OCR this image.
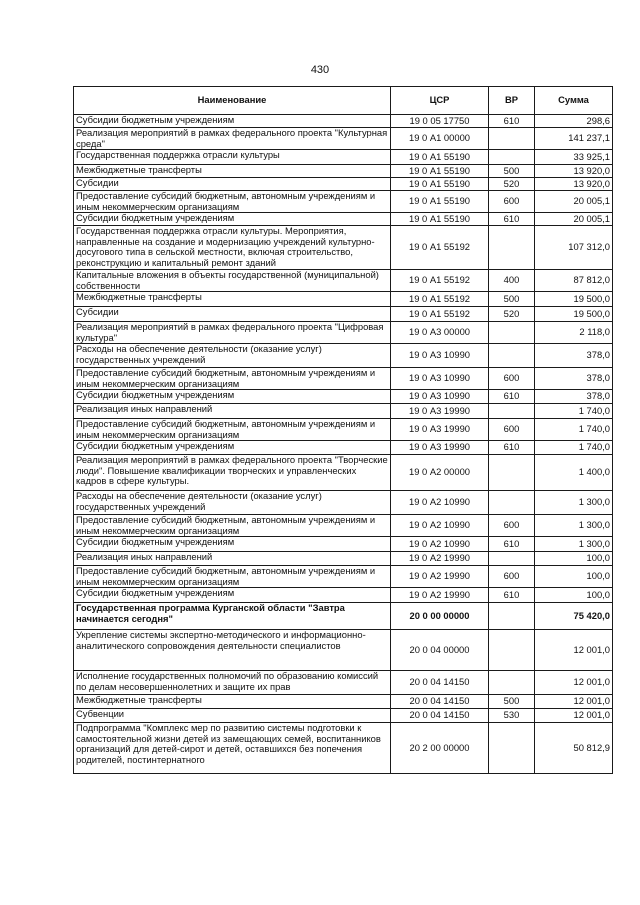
430
Наименование	ЦСР	ВР	Сумма
Субсидии бюджетным учреждениям	19 0 05 17750	610	298,6
Реализация мероприятий в рамках федерального проекта "Культурная среда"	19 0 А1 00000		141 237,1
Государственная поддержка отрасли культуры	19 0 А1 55190		33 925,1
Межбюджетные трансферты	19 0 А1 55190	500	13 920,0
Субсидии	19 0 А1 55190	520	13 920,0
Предоставление субсидий бюджетным, автономным учреждениям и иным некоммерческим организациям	19 0 А1 55190	600	20 005,1
Субсидии бюджетным учреждениям	19 0 А1 55190	610	20 005,1
Государственная поддержка отрасли культуры. Мероприятия, направленные на создание и модернизацию учреждений культурно-досугового типа в сельской местности, включая строительство, реконструкцию и капитальный ремонт зданий	19 0 А1 55192		107 312,0
Капитальные вложения в объекты государственной (муниципальной) собственности	19 0 А1 55192	400	87 812,0
Межбюджетные трансферты	19 0 А1 55192	500	19 500,0
Субсидии	19 0 А1 55192	520	19 500,0
Реализация мероприятий в рамках федерального проекта "Цифровая культура"	19 0 А3 00000		2 118,0
Расходы на обеспечение деятельности (оказание услуг) государственных учреждений	19 0 А3 10990		378,0
Предоставление субсидий бюджетным, автономным учреждениям и иным некоммерческим организациям	19 0 А3 10990	600	378,0
Субсидии бюджетным учреждениям	19 0 А3 10990	610	378,0
Реализация иных направлений	19 0 А3 19990		1 740,0
Предоставление субсидий бюджетным, автономным учреждениям и иным некоммерческим организациям	19 0 А3 19990	600	1 740,0
Субсидии бюджетным учреждениям	19 0 А3 19990	610	1 740,0
Реализация мероприятий в рамках федерального проекта "Творческие люди". Повышение квалификации творческих и управленческих кадров в сфере культуры.	19 0 А2 00000		1 400,0
Расходы на обеспечение деятельности (оказание услуг) государственных учреждений	19 0 А2 10990		1 300,0
Предоставление субсидий бюджетным, автономным учреждениям и иным некоммерческим организациям	19 0 А2 10990	600	1 300,0
Субсидии бюджетным учреждениям	19 0 А2 10990	610	1 300,0
Реализация иных направлений	19 0 А2 19990		100,0
Предоставление субсидий бюджетным, автономным учреждениям и иным некоммерческим организациям	19 0 А2 19990	600	100,0
Субсидии бюджетным учреждениям	19 0 А2 19990	610	100,0
Государственная программа Курганской области "Завтра начинается сегодня"	20 0 00 00000		75 420,0
Укрепление системы экспертно-методического и информационно-аналитического сопровождения деятельности специалистов	20 0 04 00000		12 001,0
Исполнение государственных полномочий по образованию комиссий по делам несовершеннолетних и защите их прав	20 0 04 14150		12 001,0
Межбюджетные трансферты	20 0 04 14150	500	12 001,0
Субвенции	20 0 04 14150	530	12 001,0
Подпрограмма "Комплекс мер по развитию системы подготовки к самостоятельной жизни детей из замещающих семей, воспитанников организаций для детей-сирот и детей, оставшихся без попечения родителей, постинтернатного	20 2 00 00000		50 812,9
